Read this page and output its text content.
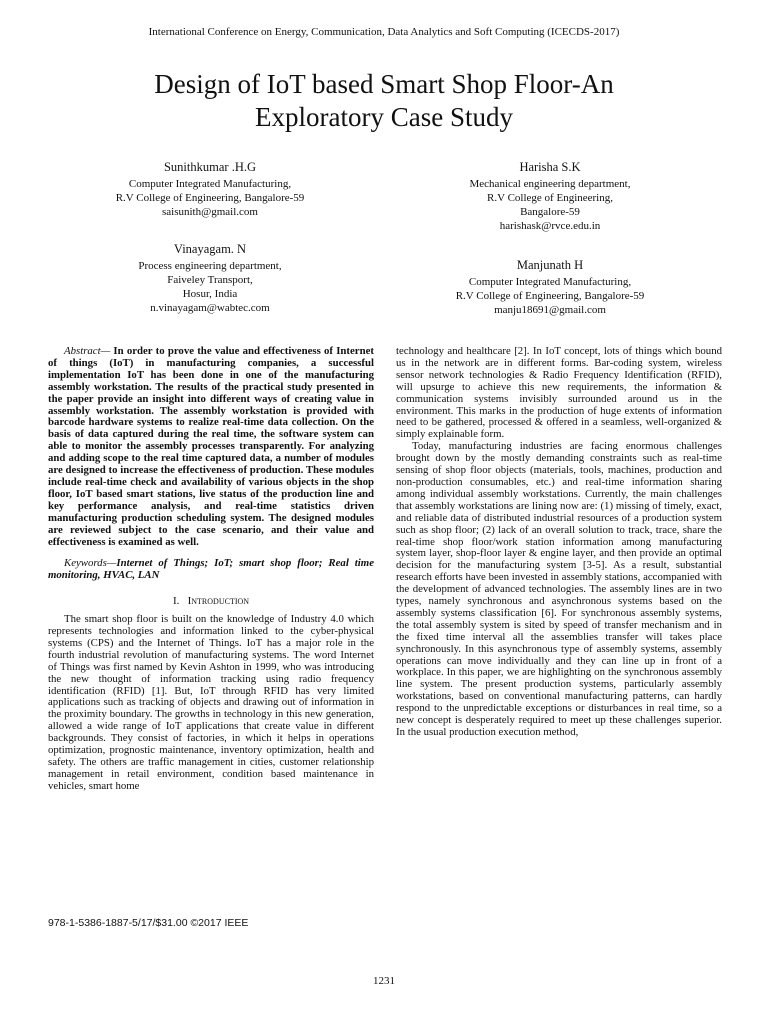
International Conference on Energy, Communication, Data Analytics and Soft Computing (ICECDS-2017)
Design of IoT based Smart Shop Floor-An
Exploratory Case Study
Sunithkumar .H.G
Computer Integrated Manufacturing,
R.V College of Engineering, Bangalore-59
saisunith@gmail.com
Vinayagam. N
Process engineering department,
Faiveley Transport,
Hosur, India
n.vinayagam@wabtec.com
Harisha S.K
Mechanical engineering department,
R.V College of Engineering,
Bangalore-59
harishask@rvce.edu.in
Manjunath H
Computer Integrated Manufacturing,
R.V College of Engineering, Bangalore-59
manju18691@gmail.com

Abstract— In order to prove the value and effectiveness of Internet of things (IoT) in manufacturing companies, a successful implementation IoT has been done in one of the manufacturing assembly workstation. The results of the practical study presented in the paper provide an insight into different ways of creating value in assembly workstation. The assembly workstation is provided with barcode hardware systems to realize real-time data collection. On the basis of data captured during the real time, the software system can able to monitor the assembly processes transparently. For analyzing and adding scope to the real time captured data, a number of modules are designed to increase the effectiveness of production. These modules include real-time check and availability of various objects in the shop floor, IoT based smart stations, live status of the production line and key performance analysis, and real-time statistics driven manufacturing production scheduling system. The designed modules are reviewed subject to the case scenario, and their value and effectiveness is examined as well.

Keywords—Internet of Things; IoT; smart shop floor; Real time monitoring, HVAC, LAN

I. Introduction

The smart shop floor is built on the knowledge of Industry 4.0 which represents technologies and information linked to the cyber-physical systems (CPS) and the Internet of Things. IoT has a major role in the fourth industrial revolution of manufacturing systems. The word Internet of Things was first named by Kevin Ashton in 1999, who was introducing the new thought of information tracking using radio frequency identification (RFID) [1]. But, IoT through RFID has very limited applications such as tracking of objects and drawing out of information in the proximity boundary. The growths in technology in this new generation, allowed a wide range of IoT applications that create value in different backgrounds. They consist of factories, in which it helps in operations optimization, prognostic maintenance, inventory optimization, health and safety. The others are traffic management in cities, customer relationship management in retail environment, condition based maintenance in vehicles, smart home

technology and healthcare [2]. In IoT concept, lots of things which bound us in the network are in different forms. Bar-coding system, wireless sensor network technologies & Radio Frequency Identification (RFID), will upsurge to achieve this new requirements, the information & communication systems invisibly surrounded around us in the environment. This marks in the production of huge extents of information need to be gathered, processed & offered in a seamless, well-organized & simply explainable form.

Today, manufacturing industries are facing enormous challenges brought down by the mostly demanding constraints such as real-time sensing of shop floor objects (materials, tools, machines, production and non-production consumables, etc.) and real-time information sharing among individual assembly workstations. Currently, the main challenges that assembly workstations are lining now are: (1) missing of timely, exact, and reliable data of distributed industrial resources of a production system such as shop floor; (2) lack of an overall solution to track, trace, share the real-time shop floor/work station information among manufacturing system layer, shop-floor layer & engine layer, and then provide an optimal decision for the manufacturing system [3-5]. As a result, substantial research efforts have been invested in assembly stations, accompanied with the development of advanced technologies. The assembly lines are in two types, namely synchronous and asynchronous systems based on the assembly systems classification [6]. For synchronous assembly systems, the total assembly system is sited by speed of transfer mechanism and in the fixed time interval all the assemblies transfer will takes place synchronously. In this asynchronous type of assembly systems, assembly operations can move individually and they can line up in front of a workplace. In this paper, we are highlighting on the synchronous assembly line system. The present production systems, particularly assembly workstations, based on conventional manufacturing patterns, can hardly respond to the unpredictable exceptions or disturbances in real time, so a new concept is desperately required to meet up these challenges superior. In the usual production execution method,

978-1-5386-1887-5/17/$31.00 ©2017 IEEE
1231
